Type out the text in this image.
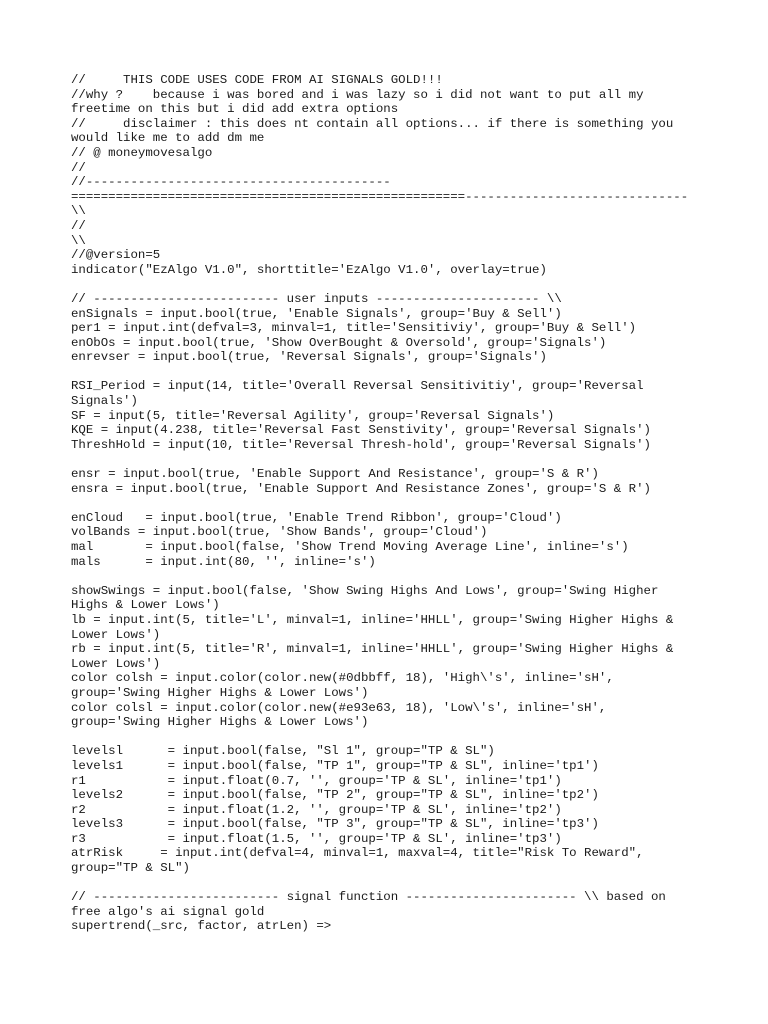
//     THIS CODE USES CODE FROM AI SIGNALS GOLD!!!
//why ?    because i was bored and i was lazy so i did not want to put all my
freetime on this but i did add extra options
//     disclaimer : this does nt contain all options... if there is something you
would like me to add dm me
// @ moneymovesalgo
//
//-----------------------------------------
=====================================================------------------------------
\\
//
\\
//@version=5
indicator("EzAlgo V1.0", shorttitle='EzAlgo V1.0', overlay=true)
// ------------------------- user inputs ---------------------- \\
enSignals = input.bool(true, 'Enable Signals', group='Buy & Sell')
per1 = input.int(defval=3, minval=1, title='Sensitiviy', group='Buy & Sell')
enObOs = input.bool(true, 'Show OverBought & Oversold', group='Signals')
enrevser = input.bool(true, 'Reversal Signals', group='Signals')
RSI_Period = input(14, title='Overall Reversal Sensitivitiy', group='Reversal
Signals')
SF = input(5, title='Reversal Agility', group='Reversal Signals')
KQE = input(4.238, title='Reversal Fast Senstivity', group='Reversal Signals')
ThreshHold = input(10, title='Reversal Thresh-hold', group='Reversal Signals')
ensr = input.bool(true, 'Enable Support And Resistance', group='S & R')
ensra = input.bool(true, 'Enable Support And Resistance Zones', group='S & R')
enCloud   = input.bool(true, 'Enable Trend Ribbon', group='Cloud')
volBands = input.bool(true, 'Show Bands', group='Cloud')
mal       = input.bool(false, 'Show Trend Moving Average Line', inline='s')
mals      = input.int(80, '', inline='s')
showSwings = input.bool(false, 'Show Swing Highs And Lows', group='Swing Higher
Highs & Lower Lows')
lb = input.int(5, title='L', minval=1, inline='HHLL', group='Swing Higher Highs &
Lower Lows')
rb = input.int(5, title='R', minval=1, inline='HHLL', group='Swing Higher Highs &
Lower Lows')
color colsh = input.color(color.new(#0dbbff, 18), 'High\'s', inline='sH',
group='Swing Higher Highs & Lower Lows')
color colsl = input.color(color.new(#e93e63, 18), 'Low\'s', inline='sH',
group='Swing Higher Highs & Lower Lows')
levelsl      = input.bool(false, "Sl 1", group="TP & SL")
levels1      = input.bool(false, "TP 1", group="TP & SL", inline='tp1')
r1           = input.float(0.7, '', group='TP & SL', inline='tp1')
levels2      = input.bool(false, "TP 2", group="TP & SL", inline='tp2')
r2           = input.float(1.2, '', group='TP & SL', inline='tp2')
levels3      = input.bool(false, "TP 3", group="TP & SL", inline='tp3')
r3           = input.float(1.5, '', group='TP & SL', inline='tp3')
atrRisk     = input.int(defval=4, minval=1, maxval=4, title="Risk To Reward",
group="TP & SL")
// ------------------------- signal function ----------------------- \\ based on
free algo's ai signal gold
supertrend(_src, factor, atrLen) =>
